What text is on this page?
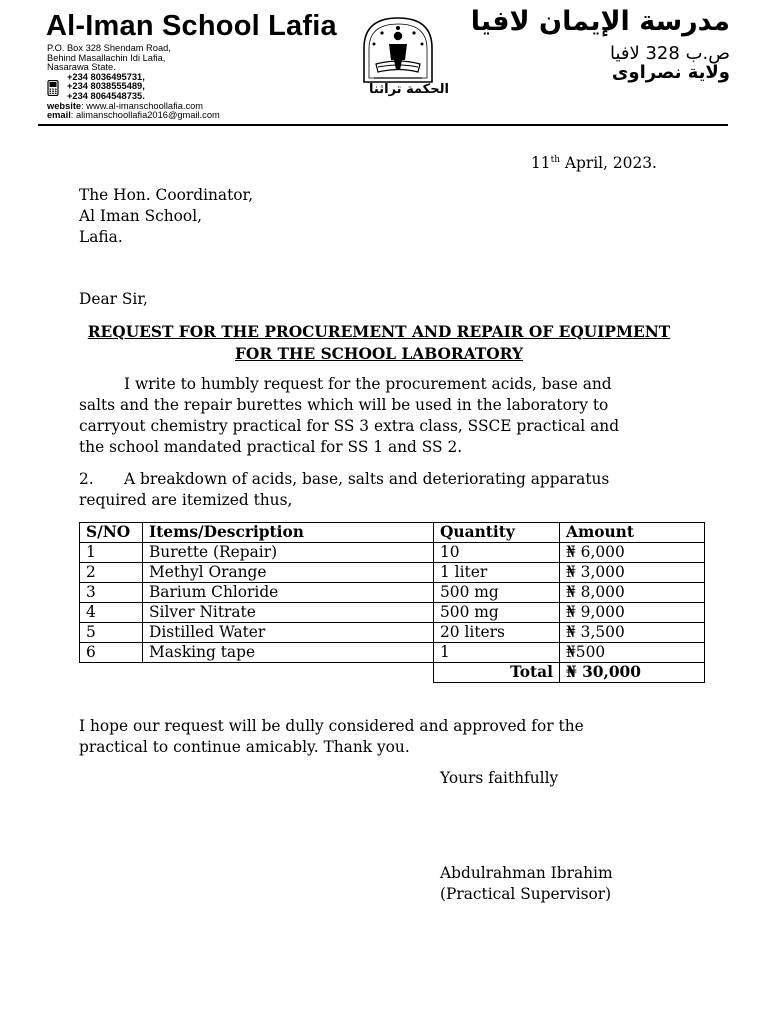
Al-Iman School Lafia
P.O. Box 328 Shendam Road,
Behind Masallachin Idi Lafia,
Nasarawa State.
+234 8036495731,
+234 8038555489,
+234 8064548735.
website: www.al-imanschoollafia.com
email: alimanschoollafia2016@gmail.com
الحكمة تراثنا
مدرسة الإيمان لافيا
ص.ب 328 لافيا
ولاية نصراوى
11th April, 2023.
The Hon. Coordinator,
Al Iman School,
Lafia.
Dear Sir,
REQUEST FOR THE PROCUREMENT AND REPAIR OF EQUIPMENT FOR THE SCHOOL LABORATORY
I write to humbly request for the procurement acids, base and
salts and the repair burettes which will be used in the laboratory to
carryout chemistry practical for SS 3 extra class, SSCE practical and
the school mandated practical for SS 1 and SS 2.
2. A breakdown of acids, base, salts and deteriorating apparatus
required are itemized thus,
S/NO	Items/Description	Quantity	Amount
1	Burette (Repair)	10	₦ 6,000
2	Methyl Orange	1 liter	₦ 3,000
3	Barium Chloride	500 mg	₦ 8,000
4	Silver Nitrate	500 mg	₦ 9,000
5	Distilled Water	20 liters	₦ 3,500
6	Masking tape	1	₦500
		Total	₦ 30,000
I hope our request will be dully considered and approved for the
practical to continue amicably. Thank you.
Yours faithfully
Abdulrahman Ibrahim
(Practical Supervisor)
